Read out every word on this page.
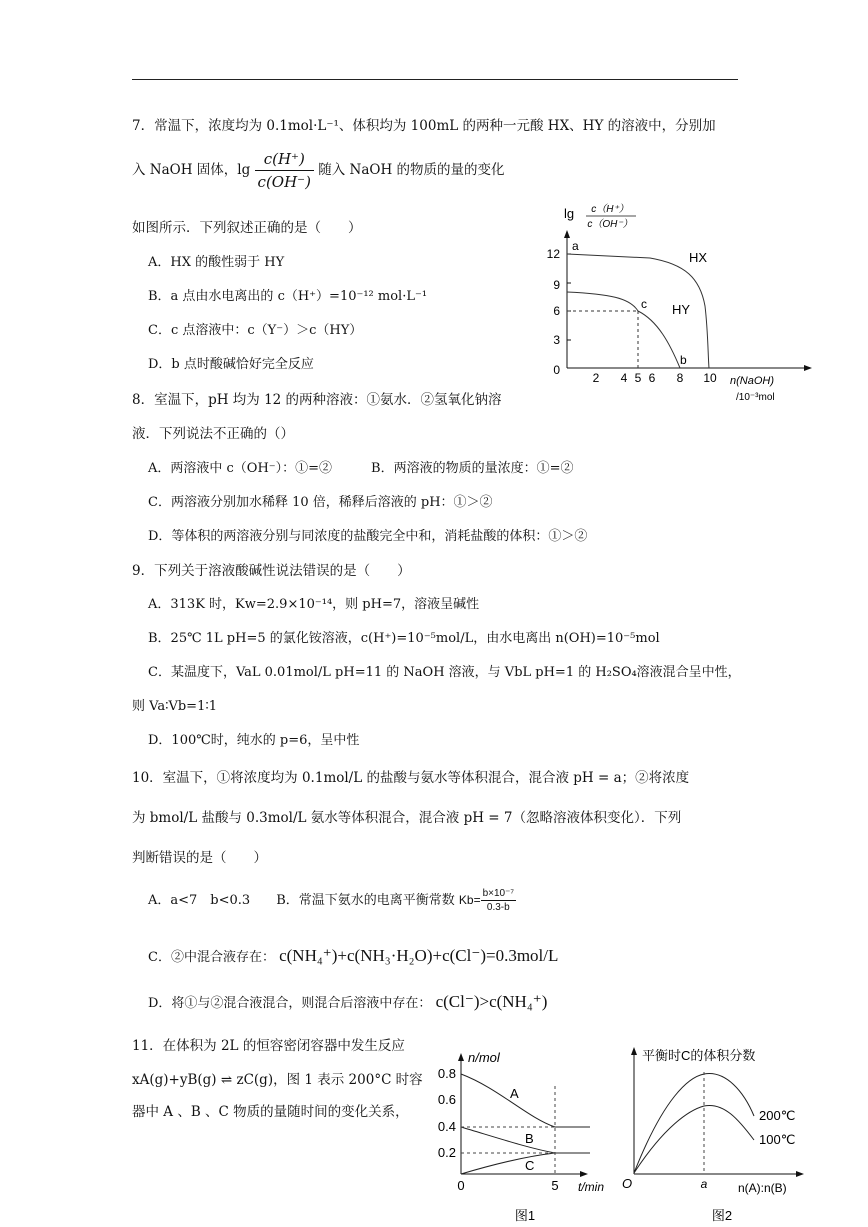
7．常温下，浓度均为 0.1mol·L⁻¹、体积均为 100mL 的两种一元酸 HX、HY 的溶液中，分别加
入 NaOH 固体，$\lg \frac{c(H^+)}{c(OH^-)}$ 随入 NaOH 的物质的量的变化
如图所示．下列叙述正确的是（　　）
A．HX 的酸性弱于 HY
B．a 点由水电离出的 c（H⁺）=10⁻¹² mol·L⁻¹
C．c 点溶液中：c（Y⁻）＞c（HY）
D．b 点时酸碱恰好完全反应
lg c（H⁺）
c（OH⁻）
12
9
6
3
0
2 4 5 6 8 10 n(NaOH)
/10⁻³mol
a
c
b
HX
HY
8．室温下，pH 均为 12 的两种溶液：①氨水．②氢氧化钠溶
液．下列说法不正确的（）
A．两溶液中 c（OH⁻）：①=②　　　B．两溶液的物质的量浓度：①=②
C．两溶液分别加水稀释 10 倍，稀释后溶液的 pH：①＞②
D．等体积的两溶液分别与同浓度的盐酸完全中和，消耗盐酸的体积：①＞②
9．下列关于溶液酸碱性说法错误的是（　　）
A．313K 时，Kw=2.9×10⁻¹⁴，则 pH=7，溶液呈碱性
B．25℃ 1L pH=5 的氯化铵溶液，c(H⁺)=10⁻⁵mol/L，由水电离出 n(OH)=10⁻⁵mol
C．某温度下，VaL 0.01mol/L pH=11 的 NaOH 溶液，与 VbL pH=1 的 H₂SO₄溶液混合呈中性，
则 Va∶Vb=1∶1
D．100℃时，纯水的 p=6，呈中性
10．室温下，①将浓度均为 0.1mol/L 的盐酸与氨水等体积混合，混合液 pH = a；②将浓度
为 bmol/L 盐酸与 0.3mol/L 氨水等体积混合，混合液 pH = 7（忽略溶液体积变化）．下列
判断错误的是（　　）
A．a<7　b<0.3　　B．常温下氨水的电离平衡常数 $Kb= \frac{\text{b×10⁻⁷}}{0.3-b}$
C．②中混合液存在： c(NH₄⁺)+c(NH₃·H₂O)+c(Cl⁻)=0.3mol/L
D．将①与②混合液混合，则混合后溶液中存在： c(Cl⁻)>c(NH₄⁺)
11．在体积为 2L 的恒容密闭容器中发生反应
xA(g)+yB(g) ⇌ zC(g)，图 1 表示 200°C 时容
器中 A 、B 、C 物质的量随时间的变化关系，
n/mol
0.8
0.6
0.4
0.2
0	5 t/min
A
B
C
图1
平衡时C的体积分数
O	a	n(A):n(B)
200℃
100℃
图2
